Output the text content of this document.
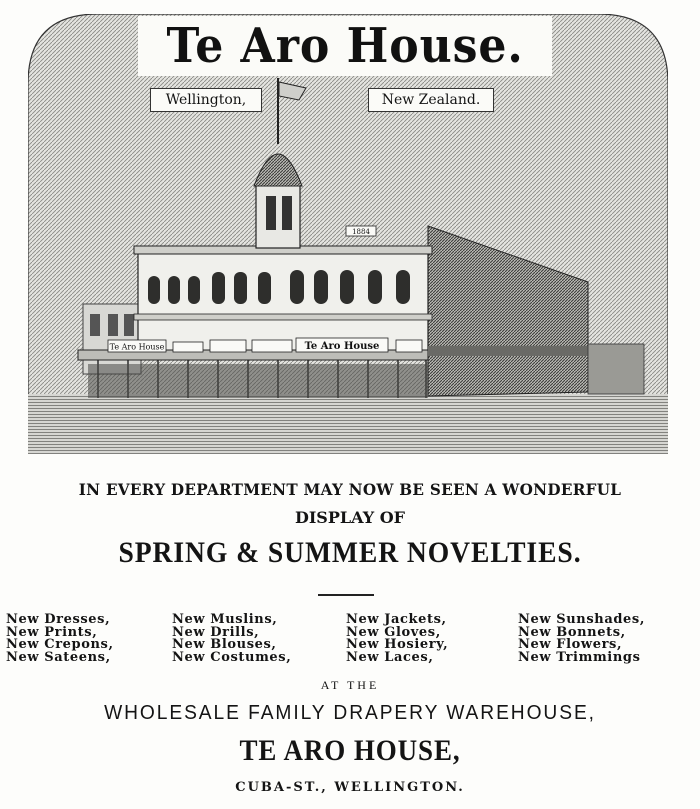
Te Aro House	Te Aro House
1884
Te Aro House.
Wellington,	New Zealand.
IN EVERY DEPARTMENT MAY NOW BE SEEN A WONDERFUL
DISPLAY OF
SPRING & SUMMER NOVELTIES.
New Dresses,
New Prints,
New Crepons,
New Sateens,
New Muslins,
New Drills,
New Blouses,
New Costumes,
New Jackets,
New Gloves,
New Hosiery,
New Laces,
New Sunshades,
New Bonnets,
New Flowers,
New Trimmings
AT THE
WHOLESALE FAMILY DRAPERY WAREHOUSE,
TE ARO HOUSE,
CUBA-ST., WELLINGTON.
